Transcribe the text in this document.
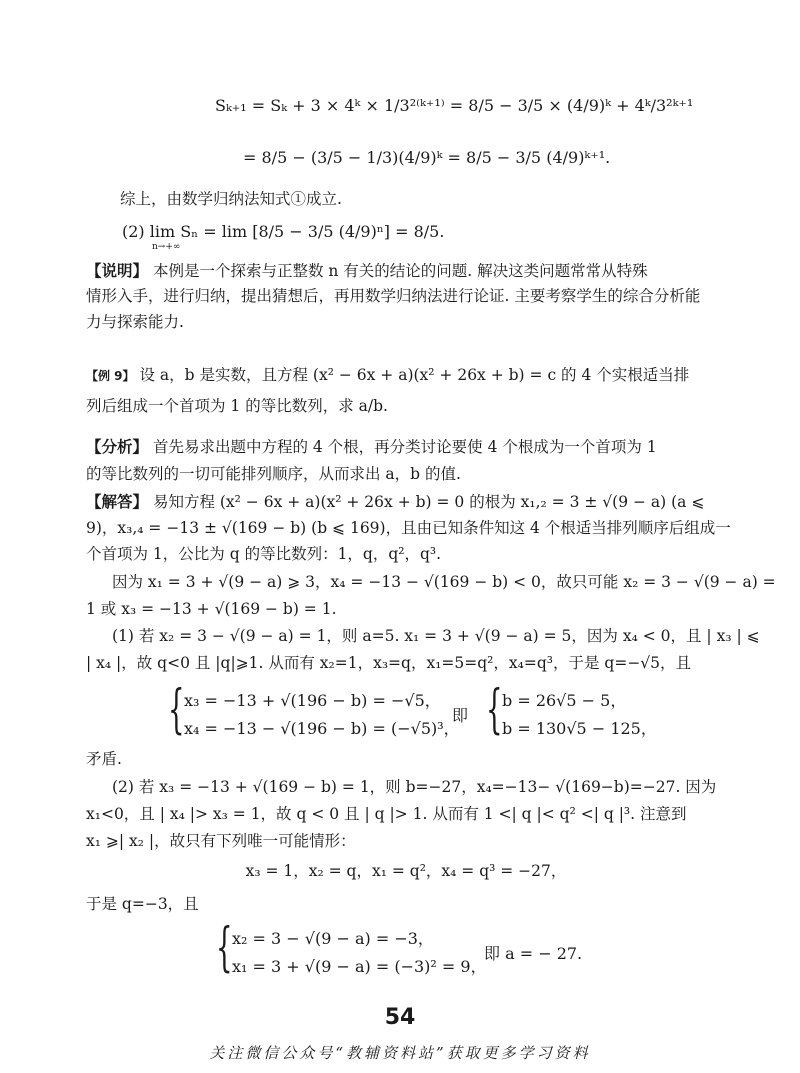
Sₖ₊₁ = Sₖ + 3 × 4ᵏ × 1/3²⁽ᵏ⁺¹⁾ = 8/5 − 3/5 × (4/9)ᵏ + 4ᵏ/3²ᵏ⁺¹
= 8/5 − (3/5 − 1/3)(4/9)ᵏ = 8/5 − 3/5 (4/9)ᵏ⁺¹.
综上，由数学归纳法知式①成立.
(2) lim Sₙ = lim [8/5 − 3/5 (4/9)ⁿ] = 8/5.
n→+∞
【说明】 本例是一个探索与正整数 n 有关的结论的问题. 解决这类问题常常从特殊
情形入手，进行归纳，提出猜想后，再用数学归纳法进行论证. 主要考察学生的综合分析能
力与探索能力.
【例 9】 设 a，b 是实数，且方程 (x² − 6x + a)(x² + 26x + b) = c 的 4 个实根适当排
列后组成一个首项为 1 的等比数列，求 a/b.
【分析】 首先易求出题中方程的 4 个根，再分类讨论要使 4 个根成为一个首项为 1
的等比数列的一切可能排列顺序，从而求出 a，b 的值.
【解答】 易知方程 (x² − 6x + a)(x² + 26x + b) = 0 的根为 x₁,₂ = 3 ± √(9 − a) (a ⩽
9)，x₃,₄ = −13 ± √(169 − b) (b ⩽ 169)，且由已知条件知这 4 个根适当排列顺序后组成一
个首项为 1，公比为 q 的等比数列：1，q，q²，q³.
因为 x₁ = 3 + √(9 − a) ⩾ 3，x₄ = −13 − √(169 − b) < 0，故只可能 x₂ = 3 − √(9 − a) =
1 或 x₃ = −13 + √(169 − b) = 1.
(1) 若 x₂ = 3 − √(9 − a) = 1，则 a=5. x₁ = 3 + √(9 − a) = 5，因为 x₄ < 0，且 | x₃ | ⩽
| x₄ |，故 q<0 且 |q|⩾1. 从而有 x₂=1，x₃=q，x₁=5=q²，x₄=q³，于是 q=−√5，且
{ x₃ = −13 + √(196 − b) = −√5，
x₄ = −13 − √(196 − b) = (−√5)³，
即 { b = 26√5 − 5，
b = 130√5 − 125，
矛盾.
(2) 若 x₃ = −13 + √(169 − b) = 1，则 b=−27，x₄=−13− √(169−b)=−27. 因为
x₁<0，且 | x₄ |> x₃ = 1，故 q < 0 且 | q |> 1. 从而有 1 <| q |< q² <| q |³. 注意到
x₁ ⩾| x₂ |，故只有下列唯一可能情形：
x₃ = 1，x₂ = q，x₁ = q²，x₄ = q³ = −27，
于是 q=−3，且
{ x₂ = 3 − √(9 − a) = −3，
x₁ = 3 + √(9 − a) = (−3)² = 9，
即 a = − 27.
54
关注微信公众号“教辅资料站”获取更多学习资料
